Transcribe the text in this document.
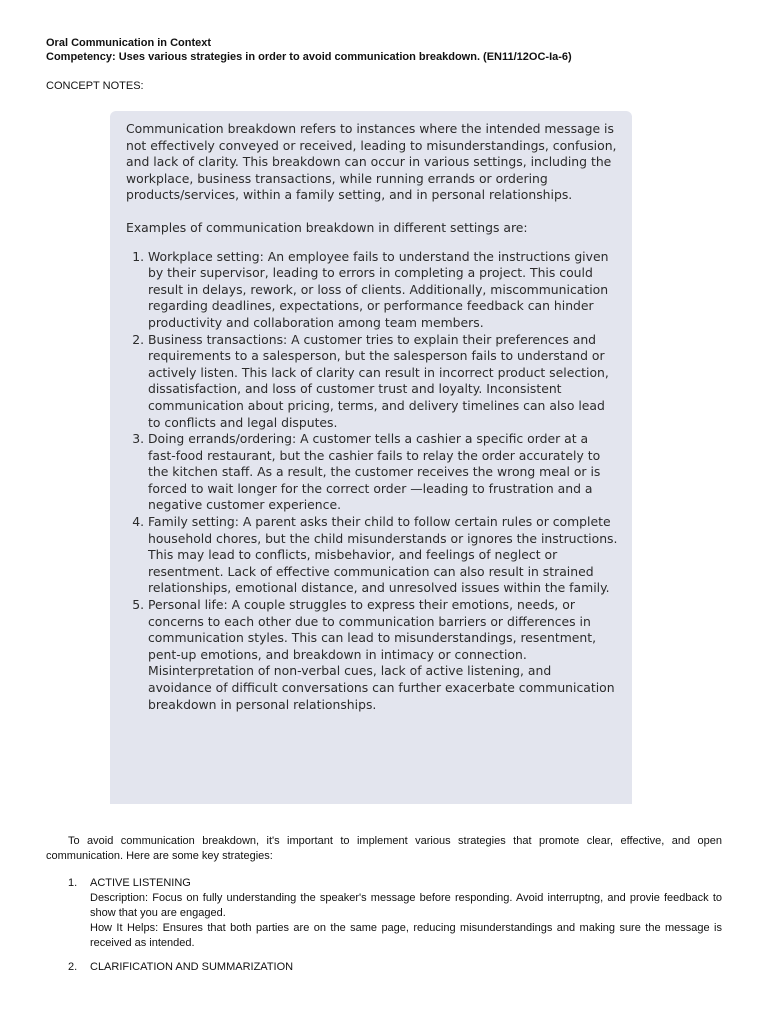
Oral Communication in Context
Competency: Uses various strategies in order to avoid communication breakdown. (EN11/12OC-Ia-6)
CONCEPT NOTES:

Communication breakdown refers to instances where the intended message is not effectively conveyed or received, leading to misunderstandings, confusion, and lack of clarity. This breakdown can occur in various settings, including the workplace, business transactions, while running errands or ordering products/services, within a family setting, and in personal relationships.

Examples of communication breakdown in different settings are:

1. Workplace setting: An employee fails to understand the instructions given by their supervisor, leading to errors in completing a project. This could result in delays, rework, or loss of clients. Additionally, miscommunication regarding deadlines, expectations, or performance feedback can hinder productivity and collaboration among team members.
2. Business transactions: A customer tries to explain their preferences and requirements to a salesperson, but the salesperson fails to understand or actively listen. This lack of clarity can result in incorrect product selection, dissatisfaction, and loss of customer trust and loyalty. Inconsistent communication about pricing, terms, and delivery timelines can also lead to conflicts and legal disputes.
3. Doing errands/ordering: A customer tells a cashier a specific order at a fast-food restaurant, but the cashier fails to relay the order accurately to the kitchen staff. As a result, the customer receives the wrong meal or is forced to wait longer for the correct order —leading to frustration and a negative customer experience.
4. Family setting: A parent asks their child to follow certain rules or complete household chores, but the child misunderstands or ignores the instructions. This may lead to conflicts, misbehavior, and feelings of neglect or resentment. Lack of effective communication can also result in strained relationships, emotional distance, and unresolved issues within the family.
5. Personal life: A couple struggles to express their emotions, needs, or concerns to each other due to communication barriers or differences in communication styles. This can lead to misunderstandings, resentment, pent-up emotions, and breakdown in intimacy or connection. Misinterpretation of non-verbal cues, lack of active listening, and avoidance of difficult conversations can further exacerbate communication breakdown in personal relationships.
To avoid communication breakdown, it's important to implement various strategies that promote clear, effective, and open communication. Here are some key strategies:
1. ACTIVE LISTENING
Description: Focus on fully understanding the speaker's message before responding. Avoid interruptng, and provie feedback to show that you are engaged.
How It Helps: Ensures that both parties are on the same page, reducing misunderstandings and making sure the message is received as intended.
2. CLARIFICATION AND SUMMARIZATION
